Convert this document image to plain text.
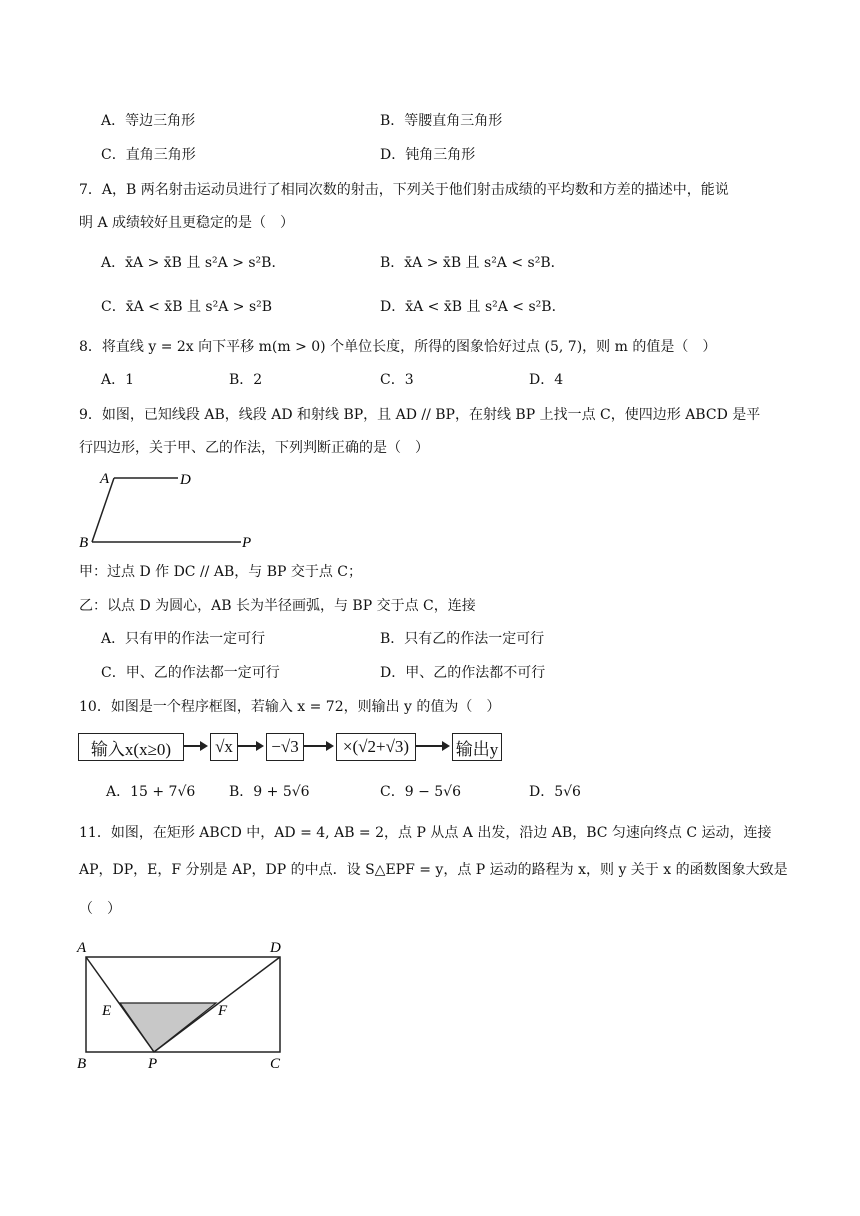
A．等边三角形	B．等腰直角三角形
C．直角三角形	D．钝角三角形
7．A，B 两名射击运动员进行了相同次数的射击，下列关于他们射击成绩的平均数和方差的描述中，能说
明 A 成绩较好且更稳定的是（　）
A．x̄A > x̄B 且 s²A > s²B．	B．x̄A > x̄B 且 s²A < s²B．
C．x̄A < x̄B 且 s²A > s²B	D．x̄A < x̄B 且 s²A < s²B．
8．将直线 y = 2x 向下平移 m(m > 0) 个单位长度，所得的图象恰好过点 (5, 7)，则 m 的值是（　）
A．1	B．2	C．3	D．4
9．如图，已知线段 AB，线段 AD 和射线 BP，且 AD // BP，在射线 BP 上找一点 C，使四边形 ABCD 是平
行四边形，关于甲、乙的作法，下列判断正确的是（　）
A	D
B	P
甲：过点 D 作 DC // AB，与 BP 交于点 C；
乙：以点 D 为圆心，AB 长为半径画弧，与 BP 交于点 C，连接
A．只有甲的作法一定可行	B．只有乙的作法一定可行
C．甲、乙的作法都一定可行	D．甲、乙的作法都不可行
10．如图是一个程序框图，若输入 x = 72，则输出 y 的值为（　）
输入x(x≥0)	√x	−√3	×(√2+√3)	输出y
A．15 + 7√6 B．9 + 5√6	C．9 − 5√6	D．5√6
11．如图，在矩形 ABCD 中，AD = 4, AB = 2，点 P 从点 A 出发，沿边 AB，BC 匀速向终点 C 运动，连接
AP，DP，E，F 分别是 AP，DP 的中点．设 S△EPF = y，点 P 运动的路程为 x，则 y 关于 x 的函数图象大致是
（　）
A	D
E	F
B	P	C
